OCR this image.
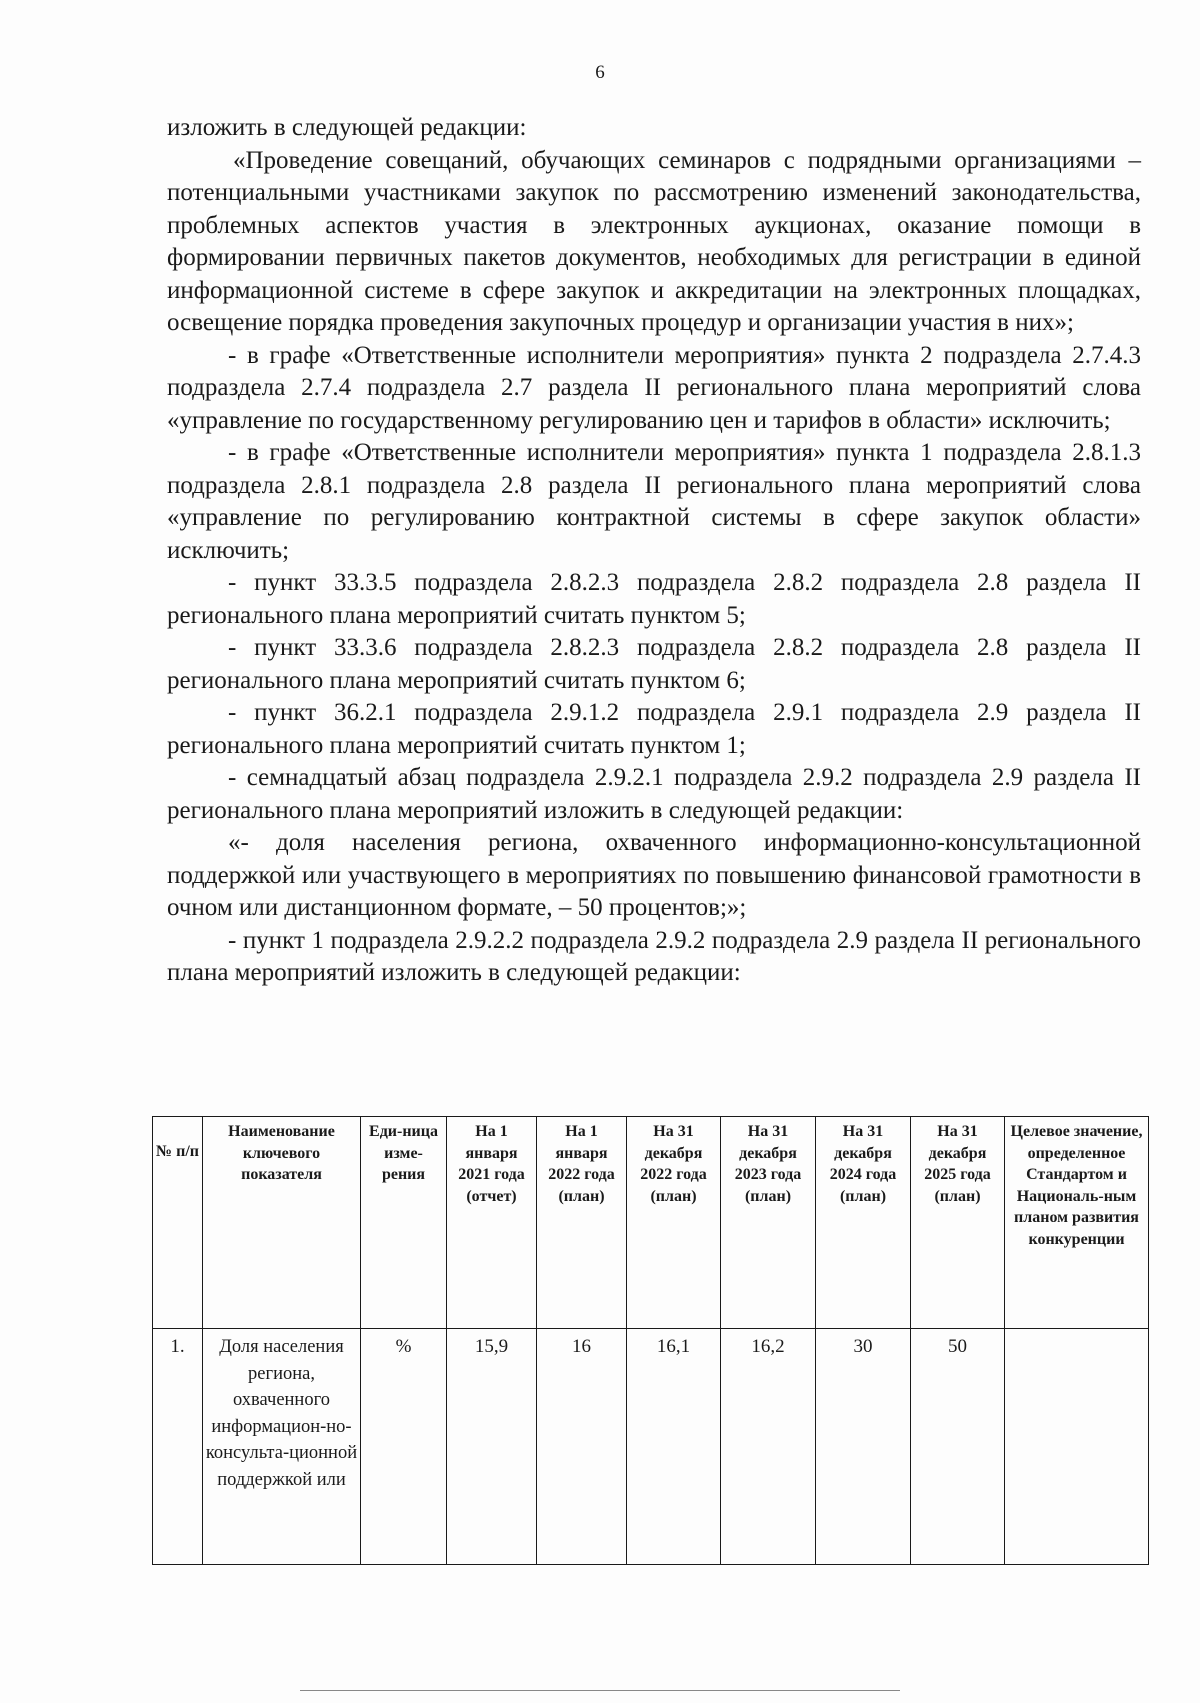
6

изложить в следующей редакции:

«Проведение совещаний, обучающих семинаров с подрядными организациями – потенциальными участниками закупок по рассмотрению изменений законодательства, проблемных аспектов участия в электронных аукционах, оказание помощи в формировании первичных пакетов документов, необходимых для регистрации в единой информационной системе в сфере закупок и аккредитации на электронных площадках, освещение порядка проведения закупочных процедур и организации участия в них»;

- в графе «Ответственные исполнители мероприятия» пункта 2 подраздела 2.7.4.3 подраздела 2.7.4 подраздела 2.7 раздела II регионального плана мероприятий слова «управление по государственному регулированию цен и тарифов в области» исключить;

- в графе «Ответственные исполнители мероприятия» пункта 1 подраздела 2.8.1.3 подраздела 2.8.1 подраздела 2.8 раздела II регионального плана мероприятий слова «управление по регулированию контрактной системы в сфере закупок области» исключить;

- пункт 33.3.5 подраздела 2.8.2.3 подраздела 2.8.2 подраздела 2.8 раздела II регионального плана мероприятий считать пунктом 5;

- пункт 33.3.6 подраздела 2.8.2.3 подраздела 2.8.2 подраздела 2.8 раздела II регионального плана мероприятий считать пунктом 6;

- пункт 36.2.1 подраздела 2.9.1.2 подраздела 2.9.1 подраздела 2.9 раздела II регионального плана мероприятий считать пунктом 1;

- семнадцатый абзац подраздела 2.9.2.1 подраздела 2.9.2 подраздела 2.9 раздела II регионального плана мероприятий изложить в следующей редакции:

«- доля населения региона, охваченного информационно-консультационной поддержкой или участвующего в мероприятиях по повышению финансовой грамотности в очном или дистанционном формате, – 50 процентов;»;

- пункт 1 подраздела 2.9.2.2 подраздела 2.9.2 подраздела 2.9 раздела II регионального плана мероприятий изложить в следующей редакции:

№ п/п	Наименование ключевого показателя	Еди-ница изме-рения	На 1 января 2021 года (отчет)	На 1 января 2022 года (план)	На 31 декабря 2022 года (план)	На 31 декабря 2023 года (план)	На 31 декабря 2024 года (план)	На 31 декабря 2025 года (план)	Целевое значение, определенное Стандартом и Националь-ным планом развития конкуренции
1.	Доля населения региона, охваченного информацион-но-консульта-ционной поддержкой или	%	15,9	16	16,1	16,2	30	50	
